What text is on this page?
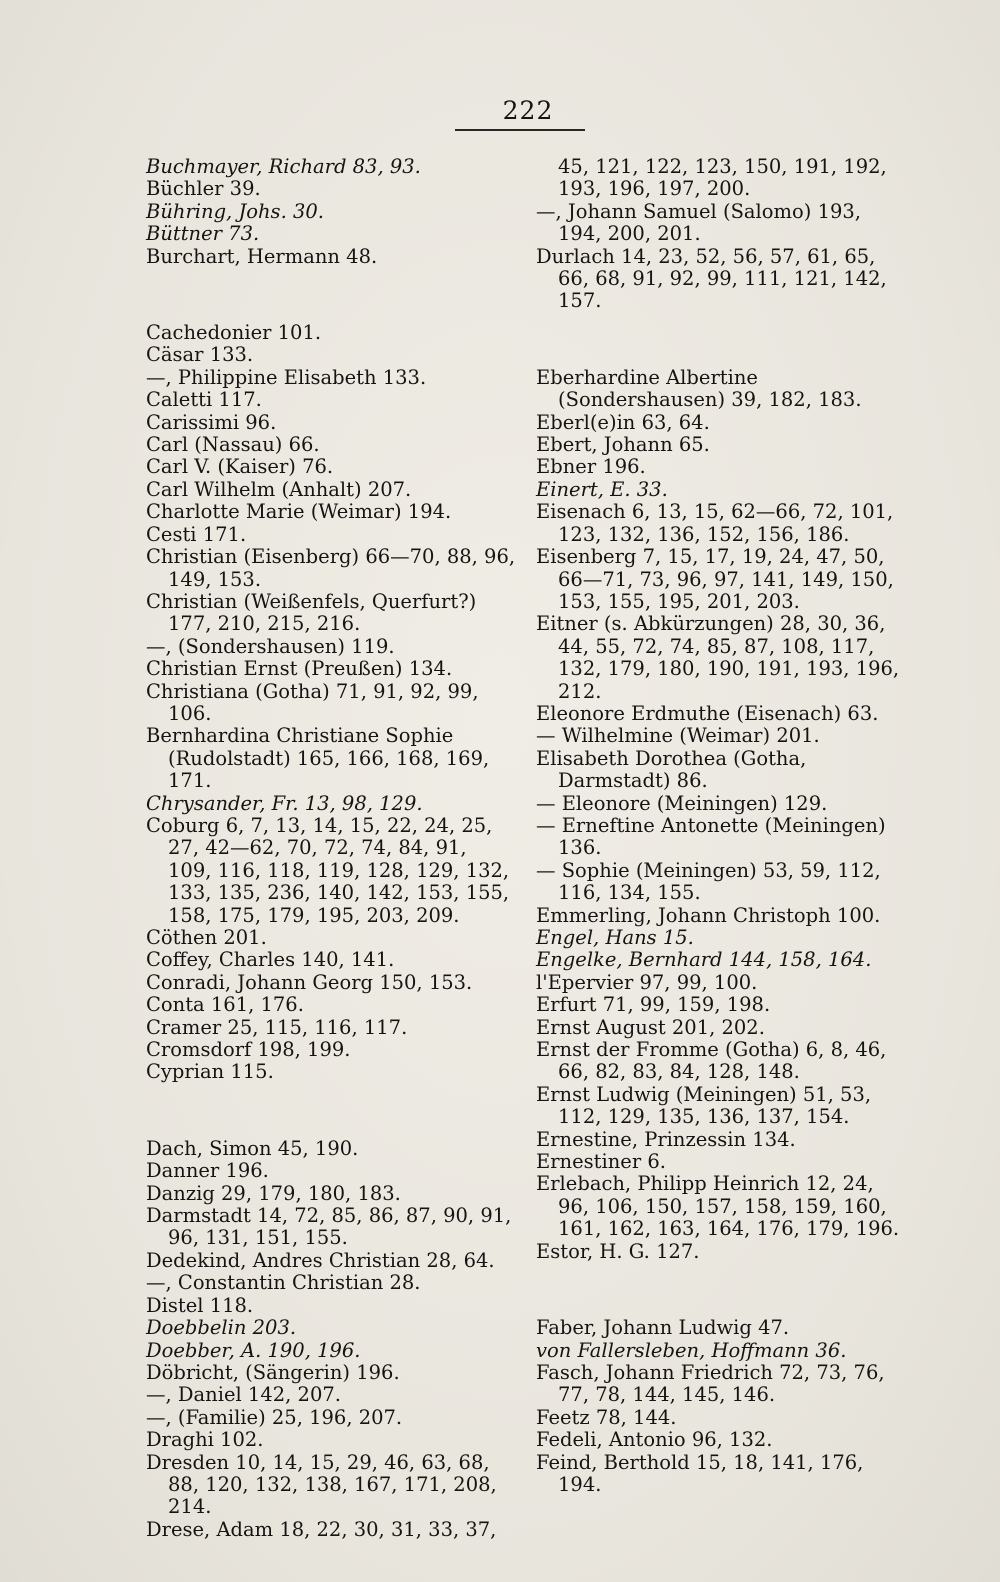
222

Buchmayer, Richard 83, 93.

Büchler 39.

Bühring, Johs. 30.

Büttner 73.

Burchart, Hermann 48.

Cachedonier 101.

Cäsar 133.

—, Philippine Elisabeth 133.

Caletti 117.

Carissimi 96.

Carl (Nassau) 66.

Carl V. (Kaiser) 76.

Carl Wilhelm (Anhalt) 207.

Charlotte Marie (Weimar) 194.

Cesti 171.

Christian (Eisenberg) 66—70, 88, 96, 149, 153.

Christian (Weißenfels, Querfurt?) 177, 210, 215, 216.

—, (Sondershausen) 119.

Christian Ernst (Preußen) 134.

Christiana (Gotha) 71, 91, 92, 99, 106.

Bernhardina Christiane Sophie (Rudolstadt) 165, 166, 168, 169, 171.

Chrysander, Fr. 13, 98, 129.

Coburg 6, 7, 13, 14, 15, 22, 24, 25, 27, 42—62, 70, 72, 74, 84, 91, 109, 116, 118, 119, 128, 129, 132, 133, 135, 236, 140, 142, 153, 155, 158, 175, 179, 195, 203, 209.

Cöthen 201.

Coffey, Charles 140, 141.

Conradi, Johann Georg 150, 153.

Conta 161, 176.

Cramer 25, 115, 116, 117.

Cromsdorf 198, 199.

Cyprian 115.

Dach, Simon 45, 190.

Danner 196.

Danzig 29, 179, 180, 183.

Darmstadt 14, 72, 85, 86, 87, 90, 91, 96, 131, 151, 155.

Dedekind, Andres Christian 28, 64.

—, Constantin Christian 28.

Distel 118.

Doebbelin 203.

Doebber, A. 190, 196.

Döbricht, (Sängerin) 196.

—, Daniel 142, 207.

—, (Familie) 25, 196, 207.

Draghi 102.

Dresden 10, 14, 15, 29, 46, 63, 68, 88, 120, 132, 138, 167, 171, 208, 214.

Drese, Adam 18, 22, 30, 31, 33, 37,

45, 121, 122, 123, 150, 191, 192, 193, 196, 197, 200.

—, Johann Samuel (Salomo) 193, 194, 200, 201.

Durlach 14, 23, 52, 56, 57, 61, 65, 66, 68, 91, 92, 99, 111, 121, 142, 157.

Eberhardine Albertine (Sondershausen) 39, 182, 183.

Eberl(e)in 63, 64.

Ebert, Johann 65.

Ebner 196.

Einert, E. 33.

Eisenach 6, 13, 15, 62—66, 72, 101, 123, 132, 136, 152, 156, 186.

Eisenberg 7, 15, 17, 19, 24, 47, 50, 66—71, 73, 96, 97, 141, 149, 150, 153, 155, 195, 201, 203.

Eitner (s. Abkürzungen) 28, 30, 36, 44, 55, 72, 74, 85, 87, 108, 117, 132, 179, 180, 190, 191, 193, 196, 212.

Eleonore Erdmuthe (Eisenach) 63.

— Wilhelmine (Weimar) 201.

Elisabeth Dorothea (Gotha, Darmstadt) 86.

— Eleonore (Meiningen) 129.

— Erneftine Antonette (Meiningen) 136.

— Sophie (Meiningen) 53, 59, 112, 116, 134, 155.

Emmerling, Johann Christoph 100.

Engel, Hans 15.

Engelke, Bernhard 144, 158, 164.

l'Epervier 97, 99, 100.

Erfurt 71, 99, 159, 198.

Ernst August 201, 202.

Ernst der Fromme (Gotha) 6, 8, 46, 66, 82, 83, 84, 128, 148.

Ernst Ludwig (Meiningen) 51, 53, 112, 129, 135, 136, 137, 154.

Ernestine, Prinzessin 134.

Ernestiner 6.

Erlebach, Philipp Heinrich 12, 24, 96, 106, 150, 157, 158, 159, 160, 161, 162, 163, 164, 176, 179, 196.

Estor, H. G. 127.

Faber, Johann Ludwig 47.

von Fallersleben, Hoffmann 36.

Fasch, Johann Friedrich 72, 73, 76, 77, 78, 144, 145, 146.

Feetz 78, 144.

Fedeli, Antonio 96, 132.

Feind, Berthold 15, 18, 141, 176, 194.
